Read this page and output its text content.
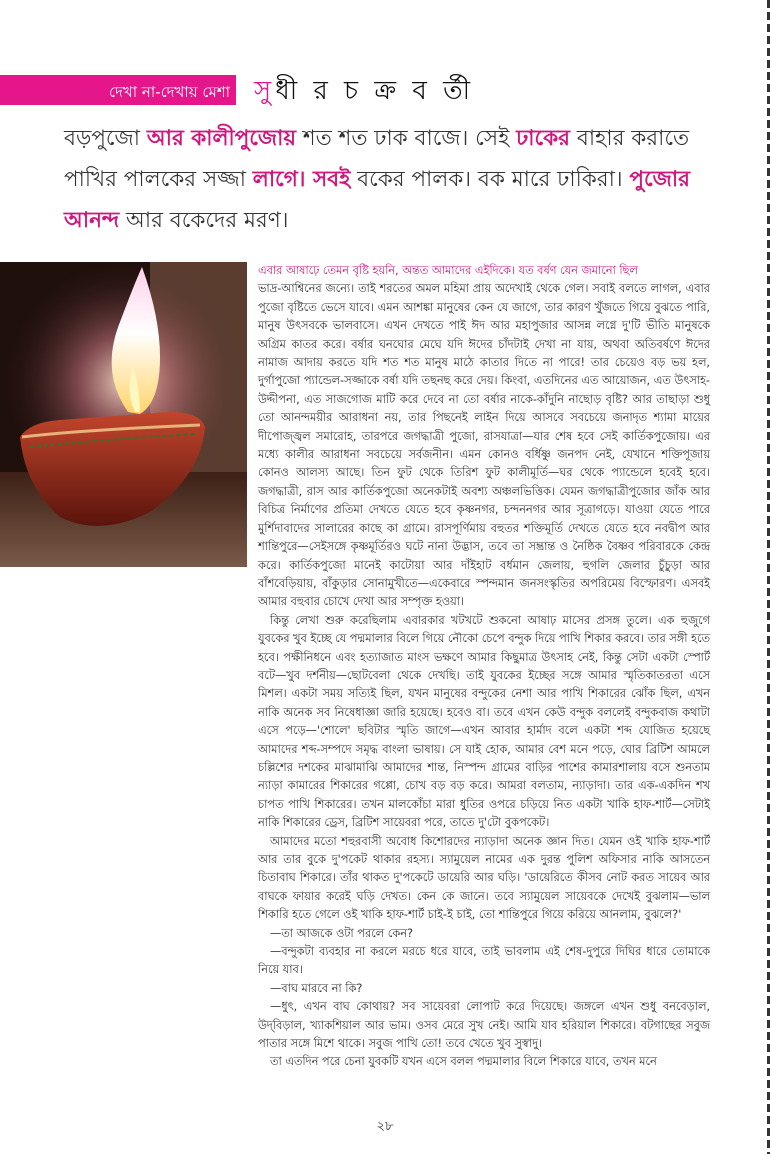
দেখা না-দেখায় মেশা সুধী র চ ক্র ব র্তী
বড়পুজো আর কালীপুজোয় শত শত ঢাক বাজে। সেই ঢাকের বাহার করাতে পাখির পালকের সজ্জা লাগে। সবই বকের পালক। বক মারে ঢাকিরা। পুজোর আনন্দ আর বকেদের মরণ।

এবার আষাঢ়ে তেমন বৃষ্টি হয়নি, অন্তত আমাদের এইদিকে। যত বর্ষণ যেন জমানো ছিল
ভাদ্র-আশ্বিনের জন্যে। তাই শরতের অমল মহিমা প্রায় অদেখাই থেকে গেল। সবাই বলতে লাগল, এবার পুজো বৃষ্টিতে ভেসে যাবে। এমন আশঙ্কা মানুষের কেন যে জাগে, তার কারণ খুঁজতে গিয়ে বুঝতে পারি, মানুষ উৎসবকে ভালবাসে। এখন দেখতে পাই ঈদ আর মহাপুজার আসন্ন লগ্নে দু'টি ভীতি মানুষকে অগ্রিম কাতর করে। বর্ষার ঘনঘোর মেঘে যদি ঈদের চাঁদটাই দেখা না যায়, অথবা অতিবর্ষণে ঈদের নামাজ আদায় করতে যদি শত শত মানুষ মাঠে কাতার দিতে না পারে! তার চেয়েও বড় ভয় হল, দুর্গাপুজো প্যান্ডেল-সজ্জাকে বর্ষা যদি তছনছ করে দেয়। কিংবা, এতদিনের এত আয়োজন, এত উৎসাহ-উদ্দীপনা, এত সাজগোজ মাটি করে দেবে না তো বর্ষার নাকে-কাঁদুনি নাছোড় বৃষ্টি? আর তাছাড়া শুধু তো আনন্দময়ীর আরাধনা নয়, তার পিছনেই লাইন দিয়ে আসবে সবচেয়ে জনাদৃত শ্যামা মায়ের দীপোজ্জ্বল সমারোহ, তারপরে জগদ্ধাত্রী পুজো, রাসযাত্রা—যার শেষ হবে সেই কার্তিকপুজোয়। এর মধ্যে কালীর আরাধনা সবচেয়ে সর্বজনীন। এমন কোনও বর্ধিষ্ণু জনপদ নেই, যেখানে শক্তিপূজায় কোনও আলস্য আছে। তিন ফুট থেকে তিরিশ ফুট কালীমূর্তি—ঘর থেকে প্যান্ডেলে হবেই হবে। জগদ্ধাত্রী, রাস আর কার্তিকপুজো অনেকটাই অবশ্য অঞ্চলভিত্তিক। যেমন জগদ্ধাত্রীপুজোর জাঁক আর বিচিত্র নির্মাণের প্রতিমা দেখতে যেতে হবে কৃষ্ণনগর, চন্দননগর আর সূত্রাগড়ে। যাওয়া যেতে পারে মুর্শিদাবাদের সালারের কাছে কা গ্রামে। রাসপূর্ণিমায় বহুতর শক্তিমূর্তি দেখতে যেতে হবে নবদ্বীপ আর শান্তিপুরে—সেইসঙ্গে কৃষ্ণমূর্তিরও ঘটে নানা উদ্ভাস, তবে তা সম্ভ্রান্ত ও নৈষ্ঠিক বৈষ্ণব পরিবারকে কেন্দ্র করে। কার্তিকপুজো মানেই কাটোয়া আর দাঁইহাট বর্ধমান জেলায়, হুগলি জেলার চুঁচুড়া আর বাঁশবেড়িয়ায়, বাঁকুড়ার সোনামুখীতে—একেবারে স্পন্দমান জনসংস্কৃতির অপরিমেয় বিস্ফোরণ। এসবই আমার বহুবার চোখে দেখা আর সম্পৃক্ত হওয়া।

কিন্তু লেখা শুরু করেছিলাম এবারকার খটখটে শুকনো আষাঢ় মাসের প্রসঙ্গ তুলে। এক হুজুগে যুবকের খুব ইচ্ছে যে পদ্মমালার বিলে গিয়ে নৌকো চেপে বন্দুক দিয়ে পাখি শিকার করবে। তার সঙ্গী হতে হবে। পক্ষীনিধনে এবং হত্যাজাত মাংস ভক্ষণে আমার কিছুমাত্র উৎসাহ নেই, কিন্তু সেটা একটা স্পোর্ট বটে—খুব দর্শনীয়—ছোটবেলা থেকে দেখছি। তাই যুবকের ইচ্ছের সঙ্গে আমার স্মৃতিকাতরতা এসে মিশল। একটা সময় সত্যিই ছিল, যখন মানুষের বন্দুকের নেশা আর পাখি শিকারের ঝোঁক ছিল, এখন নাকি অনেক সব নিষেধাজ্ঞা জারি হয়েছে। হবেও বা। তবে এখন কেউ বন্দুক বললেই বন্দুকবাজ কথাটা এসে পড়ে—'শোলে' ছবিটার স্মৃতি জাগে—এখন আবার হার্মাদ বলে একটা শব্দ যোজিত হয়েছে আমাদের শব্দ-সম্পদে সমৃদ্ধ বাংলা ভাষায়। সে যাই হোক, আমার বেশ মনে পড়ে, ঘোর ব্রিটিশ আমলে চল্লিশের দশকের মাঝামাঝি আমাদের শান্ত, নিস্পন্দ গ্রামের বাড়ির পাশের কামারশালায় বসে শুনতাম ন্যাড়া কামারের শিকারের গপ্পো, চোখ বড় বড় করে। আমরা বলতাম, ন্যাড়াদা। তার এক-একদিন শখ চাপত পাখি শিকারের। তখন মালকোঁচা মারা ধুতির ওপরে চড়িয়ে নিত একটা খাকি হাফ-শার্ট—সেটাই নাকি শিকারের ড্রেস, ব্রিটিশ সায়েবরা পরে, তাতে দু'টো বুকপকেট।

আমাদের মতো শহুরবাসী অবোধ কিশোরদের ন্যাড়াদা অনেক জ্ঞান দিত। যেমন ওই খাকি হাফ-শার্ট আর তার বুকে দু'পকেট থাকার রহস্য। স্যামুয়েল নামের এক দুরন্ত পুলিশ অফিসার নাকি আসতেন চিতাবাঘ শিকারে। তাঁর থাকত দু'পকেটে ডায়েরি আর ঘড়ি। 'ডায়েরিতে কীসব নোট করত সায়েব আর বাঘকে ফায়ার করেই ঘড়ি দেখত। কেন কে জানে। তবে স্যামুয়েল সায়েবকে দেখেই বুঝলাম—ভাল শিকারি হতে গেলে ওই খাকি হাফ-শার্ট চাই-ই চাই, তো শান্তিপুরে গিয়ে করিয়ে আনলাম, বুঝলে?'

—তা আজকে ওটা পরলে কেন?

—বন্দুকটা ব্যবহার না করলে মরচে ধরে যাবে, তাই ভাবলাম এই শেষ-দুপুরে দিঘির ধারে তোমাকে নিয়ে যাব।

—বাঘ মারবে না কি?

—ধুৎ, এখন বাঘ কোথায়? সব সায়েবরা লোপাট করে দিয়েছে। জঙ্গলে এখন শুধু বনবেড়াল, উদ্‌বিড়াল, খ্যাকশিয়াল আর ভাম। ওসব মেরে সুখ নেই। আমি যাব হরিয়াল শিকারে। বটগাছের সবুজ পাতার সঙ্গে মিশে থাকে। সবুজ পাখি তো! তবে খেতে খুব সুস্বাদু।

তা এতদিন পরে চেনা যুবকটি যখন এসে বলল পদ্মমালার বিলে শিকারে যাবে, তখন মনে

২৮
